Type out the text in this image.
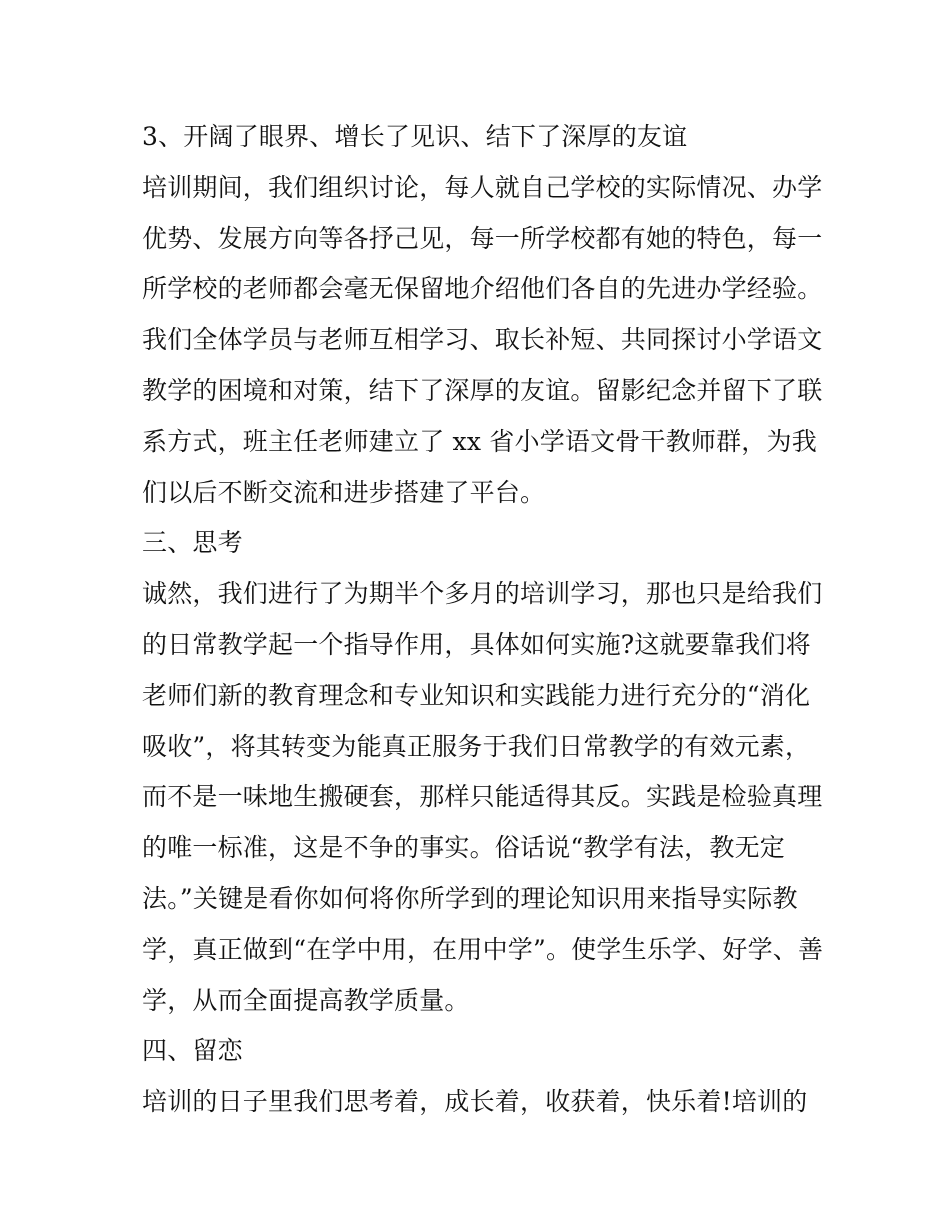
3、开阔了眼界、增长了见识、结下了深厚的友谊
培训期间，我们组织讨论，每人就自己学校的实际情况、办学
优势、发展方向等各抒己见，每一所学校都有她的特色，每一
所学校的老师都会毫无保留地介绍他们各自的先进办学经验。
我们全体学员与老师互相学习、取长补短、共同探讨小学语文
教学的困境和对策，结下了深厚的友谊。留影纪念并留下了联
系方式，班主任老师建立了 xx 省小学语文骨干教师群，为我
们以后不断交流和进步搭建了平台。
三、思考
诚然，我们进行了为期半个多月的培训学习，那也只是给我们
的日常教学起一个指导作用，具体如何实施?这就要靠我们将
老师们新的教育理念和专业知识和实践能力进行充分的“消化
吸收”，将其转变为能真正服务于我们日常教学的有效元素，
而不是一味地生搬硬套，那样只能适得其反。实践是检验真理
的唯一标准，这是不争的事实。俗话说“教学有法，教无定
法。”关键是看你如何将你所学到的理论知识用来指导实际教
学，真正做到“在学中用，在用中学”。使学生乐学、好学、善
学，从而全面提高教学质量。
四、留恋
培训的日子里我们思考着，成长着，收获着，快乐着!培训的
